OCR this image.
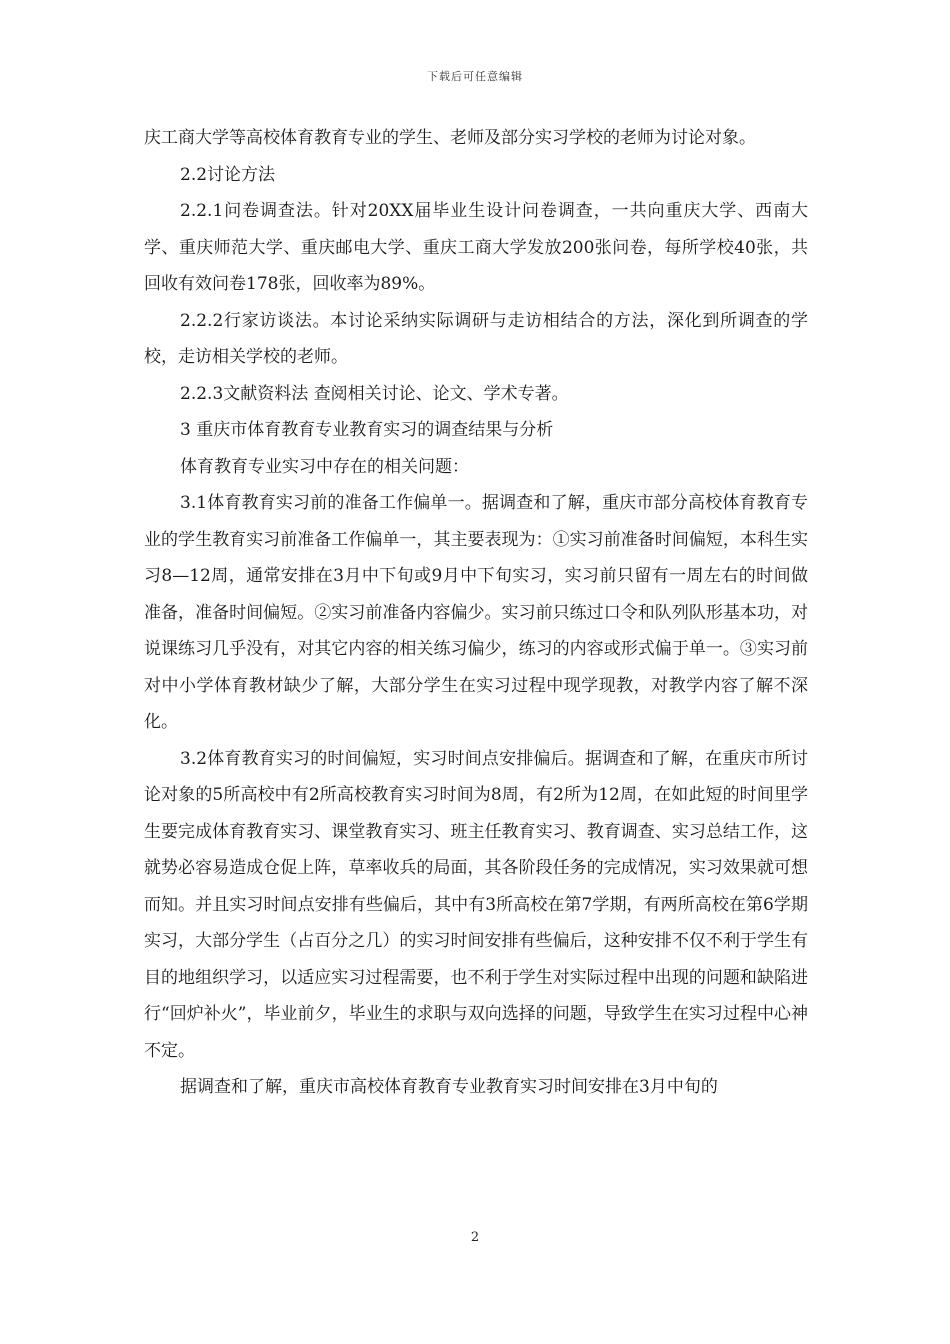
下载后可任意编辑

庆工商大学等高校体育教育专业的学生、老师及部分实习学校的老师为讨论对象。

2.2讨论方法

2.2.1问卷调查法。针对20XX届毕业生设计问卷调查，一共向重庆大学、西南大学、重庆师范大学、重庆邮电大学、重庆工商大学发放200张问卷，每所学校40张，共回收有效问卷178张，回收率为89%。

2.2.2行家访谈法。本讨论采纳实际调研与走访相结合的方法，深化到所调查的学校，走访相关学校的老师。

2.2.3文献资料法 查阅相关讨论、论文、学术专著。

3 重庆市体育教育专业教育实习的调查结果与分析

体育教育专业实习中存在的相关问题：

3.1体育教育实习前的准备工作偏单一。据调查和了解，重庆市部分高校体育教育专业的学生教育实习前准备工作偏单一，其主要表现为：①实习前准备时间偏短，本科生实习8—12周，通常安排在3月中下旬或9月中下旬实习，实习前只留有一周左右的时间做准备，准备时间偏短。②实习前准备内容偏少。实习前只练过口令和队列队形基本功，对说课练习几乎没有，对其它内容的相关练习偏少，练习的内容或形式偏于单一。③实习前对中小学体育教材缺少了解，大部分学生在实习过程中现学现教，对教学内容了解不深化。

3.2体育教育实习的时间偏短，实习时间点安排偏后。据调查和了解，在重庆市所讨论对象的5所高校中有2所高校教育实习时间为8周，有2所为12周，在如此短的时间里学生要完成体育教育实习、课堂教育实习、班主任教育实习、教育调查、实习总结工作，这就势必容易造成仓促上阵，草率收兵的局面，其各阶段任务的完成情况，实习效果就可想而知。并且实习时间点安排有些偏后，其中有3所高校在第7学期，有两所高校在第6学期实习，大部分学生（占百分之几）的实习时间安排有些偏后，这种安排不仅不利于学生有目的地组织学习，以适应实习过程需要，也不利于学生对实际过程中出现的问题和缺陷进行“回炉补火”，毕业前夕，毕业生的求职与双向选择的问题，导致学生在实习过程中心神不定。

据调查和了解，重庆市高校体育教育专业教育实习时间安排在3月中旬的

2
